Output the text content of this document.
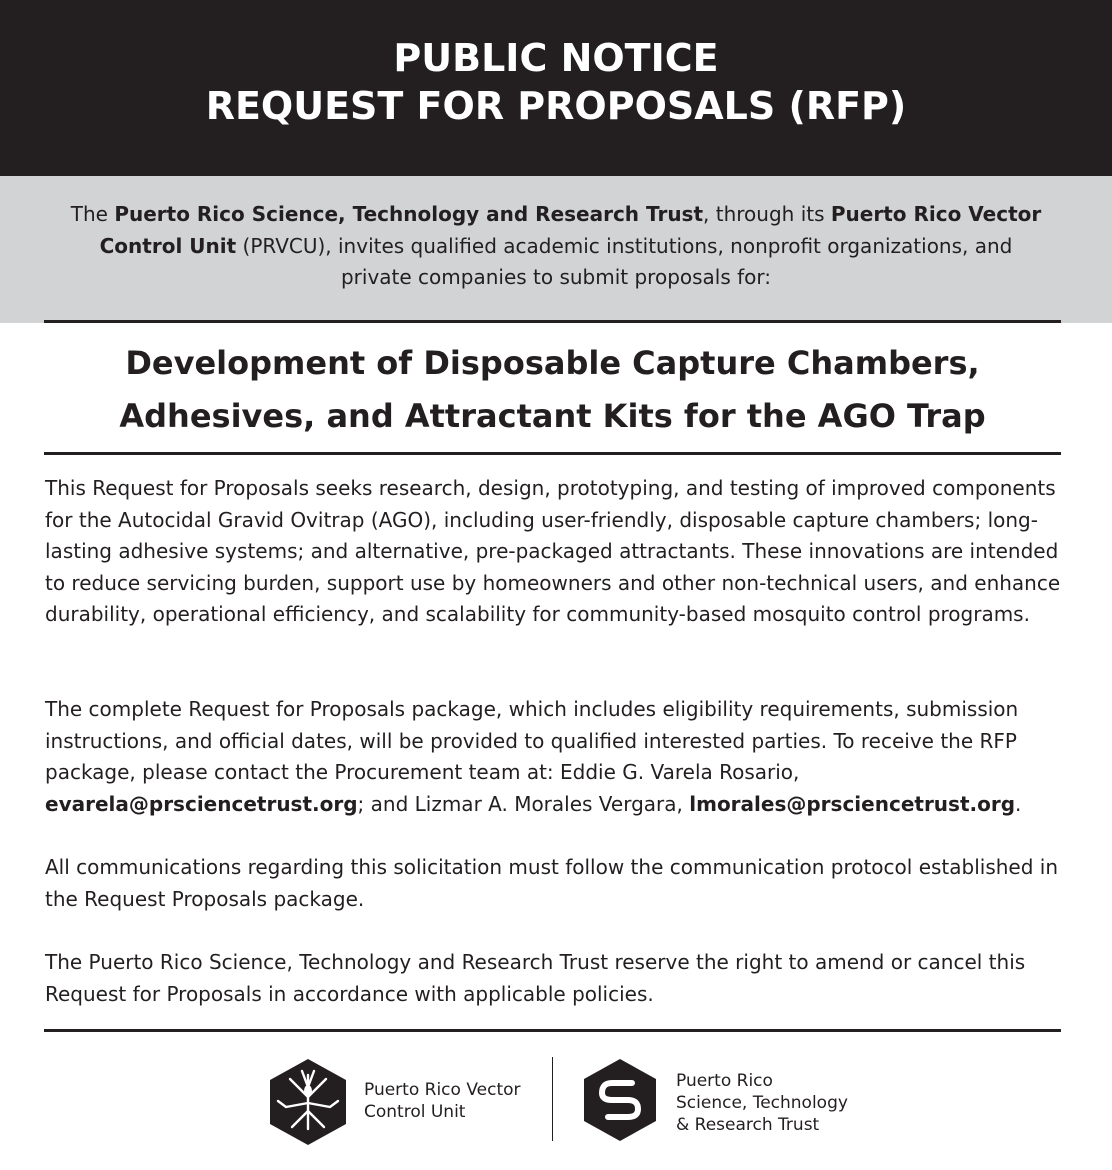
PUBLIC NOTICE
REQUEST FOR PROPOSALS (RFP)
The Puerto Rico Science, Technology and Research Trust, through its Puerto Rico Vector Control Unit (PRVCU), invites qualified academic institutions, nonprofit organizations, and private companies to submit proposals for:
Development of Disposable Capture Chambers,
Adhesives, and Attractant Kits for the AGO Trap

This Request for Proposals seeks research, design, prototyping, and testing of improved components for the Autocidal Gravid Ovitrap (AGO), including user-friendly, disposable capture chambers; long-lasting adhesive systems; and alternative, pre-packaged attractants. These innovations are intended to reduce servicing burden, support use by homeowners and other non-technical users, and enhance durability, operational efficiency, and scalability for community-based mosquito control programs.

The complete Request for Proposals package, which includes eligibility requirements, submission instructions, and official dates, will be provided to qualified interested parties. To receive the RFP package, please contact the Procurement team at: Eddie G. Varela Rosario, evarela@prsciencetrust.org; and Lizmar A. Morales Vergara, lmorales@prsciencetrust.org.

All communications regarding this solicitation must follow the communication protocol established in the Request Proposals package.

The Puerto Rico Science, Technology and Research Trust reserve the right to amend or cancel this Request for Proposals in accordance with applicable policies.

Puerto Rico Vector
Control Unit
Puerto Rico
Science, Technology
& Research Trust
